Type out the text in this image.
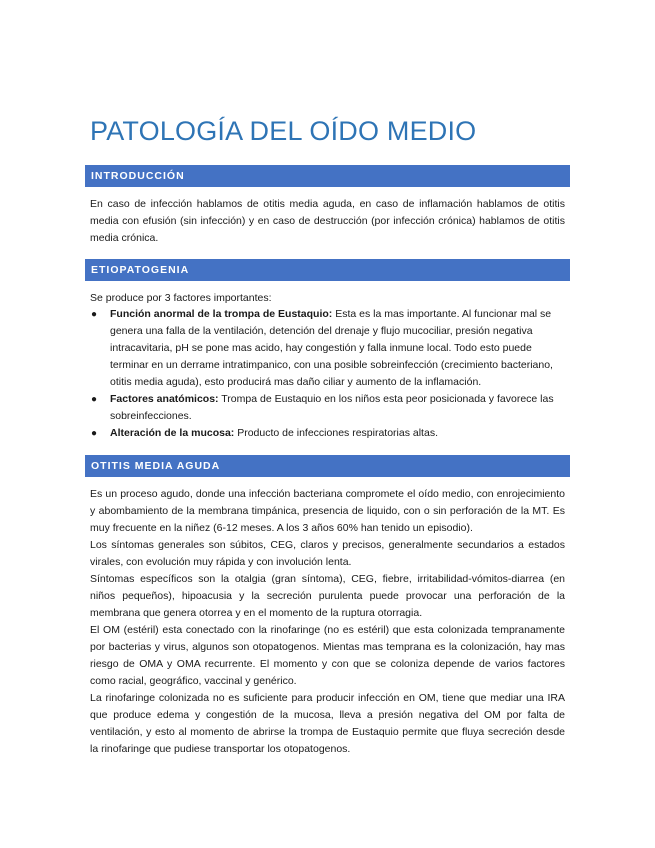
PATOLOGÍA DEL OÍDO MEDIO
INTRODUCCIÓN

En caso de infección hablamos de otitis media aguda, en caso de inflamación hablamos de otitis media con efusión (sin infección) y en caso de destrucción (por infección crónica) hablamos de otitis media crónica.

ETIOPATOGENIA
Se produce por 3 factores importantes:
● Función anormal de la trompa de Eustaquio: Esta es la mas importante. Al funcionar mal se genera una falla de la ventilación, detención del drenaje y flujo mucociliar, presión negativa intracavitaria, pH se pone mas acido, hay congestión y falla inmune local. Todo esto puede terminar en un derrame intratimpanico, con una posible sobreinfección (crecimiento bacteriano, otitis media aguda), esto producirá mas daño ciliar y aumento de la inflamación.
● Factores anatómicos: Trompa de Eustaquio en los niños esta peor posicionada y favorece las sobreinfecciones.
● Alteración de la mucosa: Producto de infecciones respiratorias altas.
OTITIS MEDIA AGUDA

Es un proceso agudo, donde una infección bacteriana compromete el oído medio, con enrojecimiento y abombamiento de la membrana timpánica, presencia de liquido, con o sin perforación de la MT. Es muy frecuente en la niñez (6-12 meses. A los 3 años 60% han tenido un episodio).

Los síntomas generales son súbitos, CEG, claros y precisos, generalmente secundarios a estados virales, con evolución muy rápida y con involución lenta.

Síntomas específicos son la otalgia (gran síntoma), CEG, fiebre, irritabilidad-vómitos-diarrea (en niños pequeños), hipoacusia y la secreción purulenta puede provocar una perforación de la membrana que genera otorrea y en el momento de la ruptura otorragia.

El OM (estéril) esta conectado con la rinofaringe (no es estéril) que esta colonizada tempranamente por bacterias y virus, algunos son otopatogenos. Mientas mas temprana es la colonización, hay mas riesgo de OMA y OMA recurrente. El momento y con que se coloniza depende de varios factores como racial, geográfico, vaccinal y genérico.

La rinofaringe colonizada no es suficiente para producir infección en OM, tiene que mediar una IRA que produce edema y congestión de la mucosa, lleva a presión negativa del OM por falta de ventilación, y esto al momento de abrirse la trompa de Eustaquio permite que fluya secreción desde la rinofaringe que pudiese transportar los otopatogenos.
